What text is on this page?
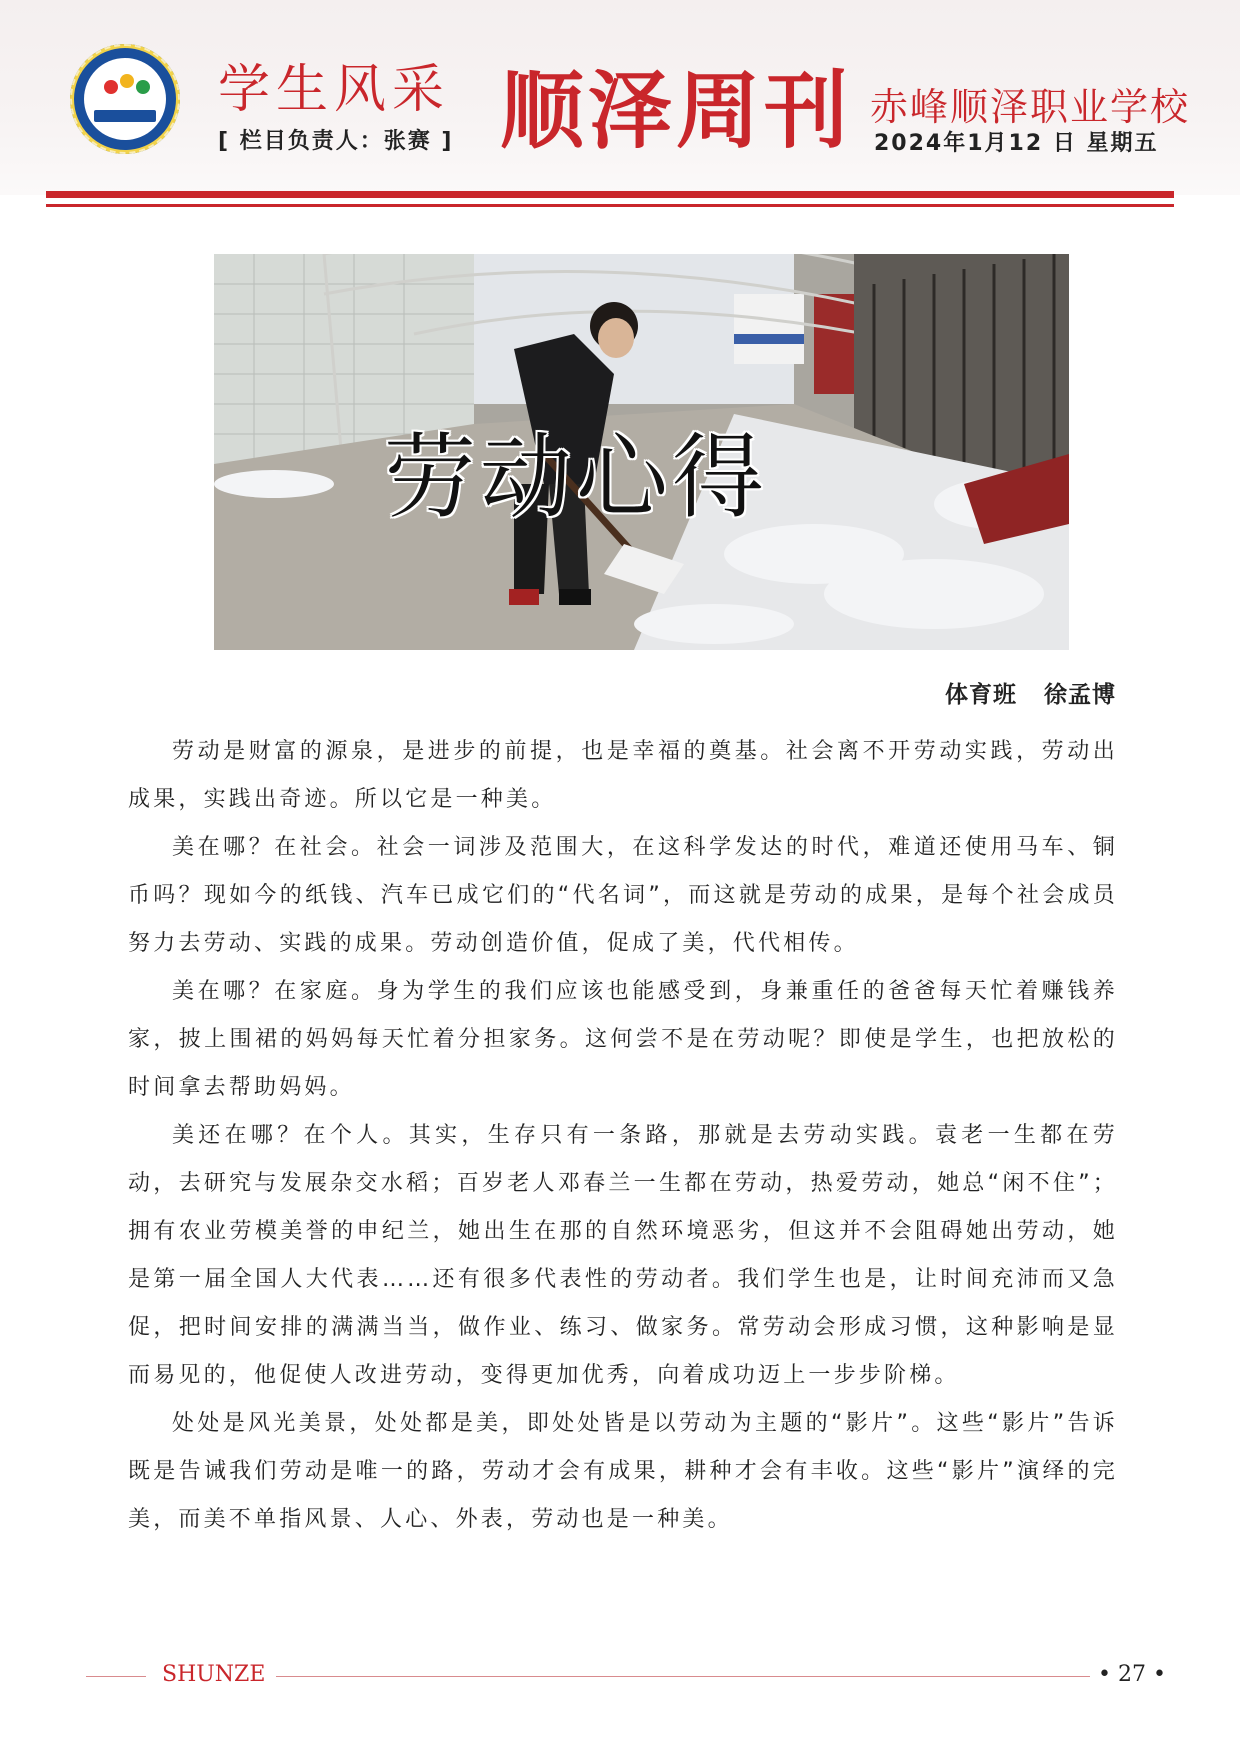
学生风采
[ 栏目负责人：张赛 ] 顺泽周刊 赤峰顺泽职业学校
2024年1月12 日 星期五
劳动心得
体育班 徐孟博

劳动是财富的源泉，是进步的前提，也是幸福的奠基。社会离不开劳动实践，劳动出成果，实践出奇迹。所以它是一种美。

美在哪？在社会。社会一词涉及范围大，在这科学发达的时代，难道还使用马车、铜币吗？现如今的纸钱、汽车已成它们的“代名词”，而这就是劳动的成果，是每个社会成员努力去劳动、实践的成果。劳动创造价值，促成了美，代代相传。

美在哪？在家庭。身为学生的我们应该也能感受到，身兼重任的爸爸每天忙着赚钱养家，披上围裙的妈妈每天忙着分担家务。这何尝不是在劳动呢？即使是学生，也把放松的时间拿去帮助妈妈。

美还在哪？在个人。其实，生存只有一条路，那就是去劳动实践。袁老一生都在劳动，去研究与发展杂交水稻；百岁老人邓春兰一生都在劳动，热爱劳动，她总“闲不住”；拥有农业劳模美誉的申纪兰，她出生在那的自然环境恶劣，但这并不会阻碍她出劳动，她是第一届全国人大代表……还有很多代表性的劳动者。我们学生也是，让时间充沛而又急促，把时间安排的满满当当，做作业、练习、做家务。常劳动会形成习惯，这种影响是显而易见的，他促使人改进劳动，变得更加优秀，向着成功迈上一步步阶梯。

处处是风光美景，处处都是美，即处处皆是以劳动为主题的“影片”。这些“影片”告诉既是告诫我们劳动是唯一的路，劳动才会有成果，耕种才会有丰收。这些“影片”演绎的完美，而美不单指风景、人心、外表，劳动也是一种美。

SHUNZE	• 27 •
